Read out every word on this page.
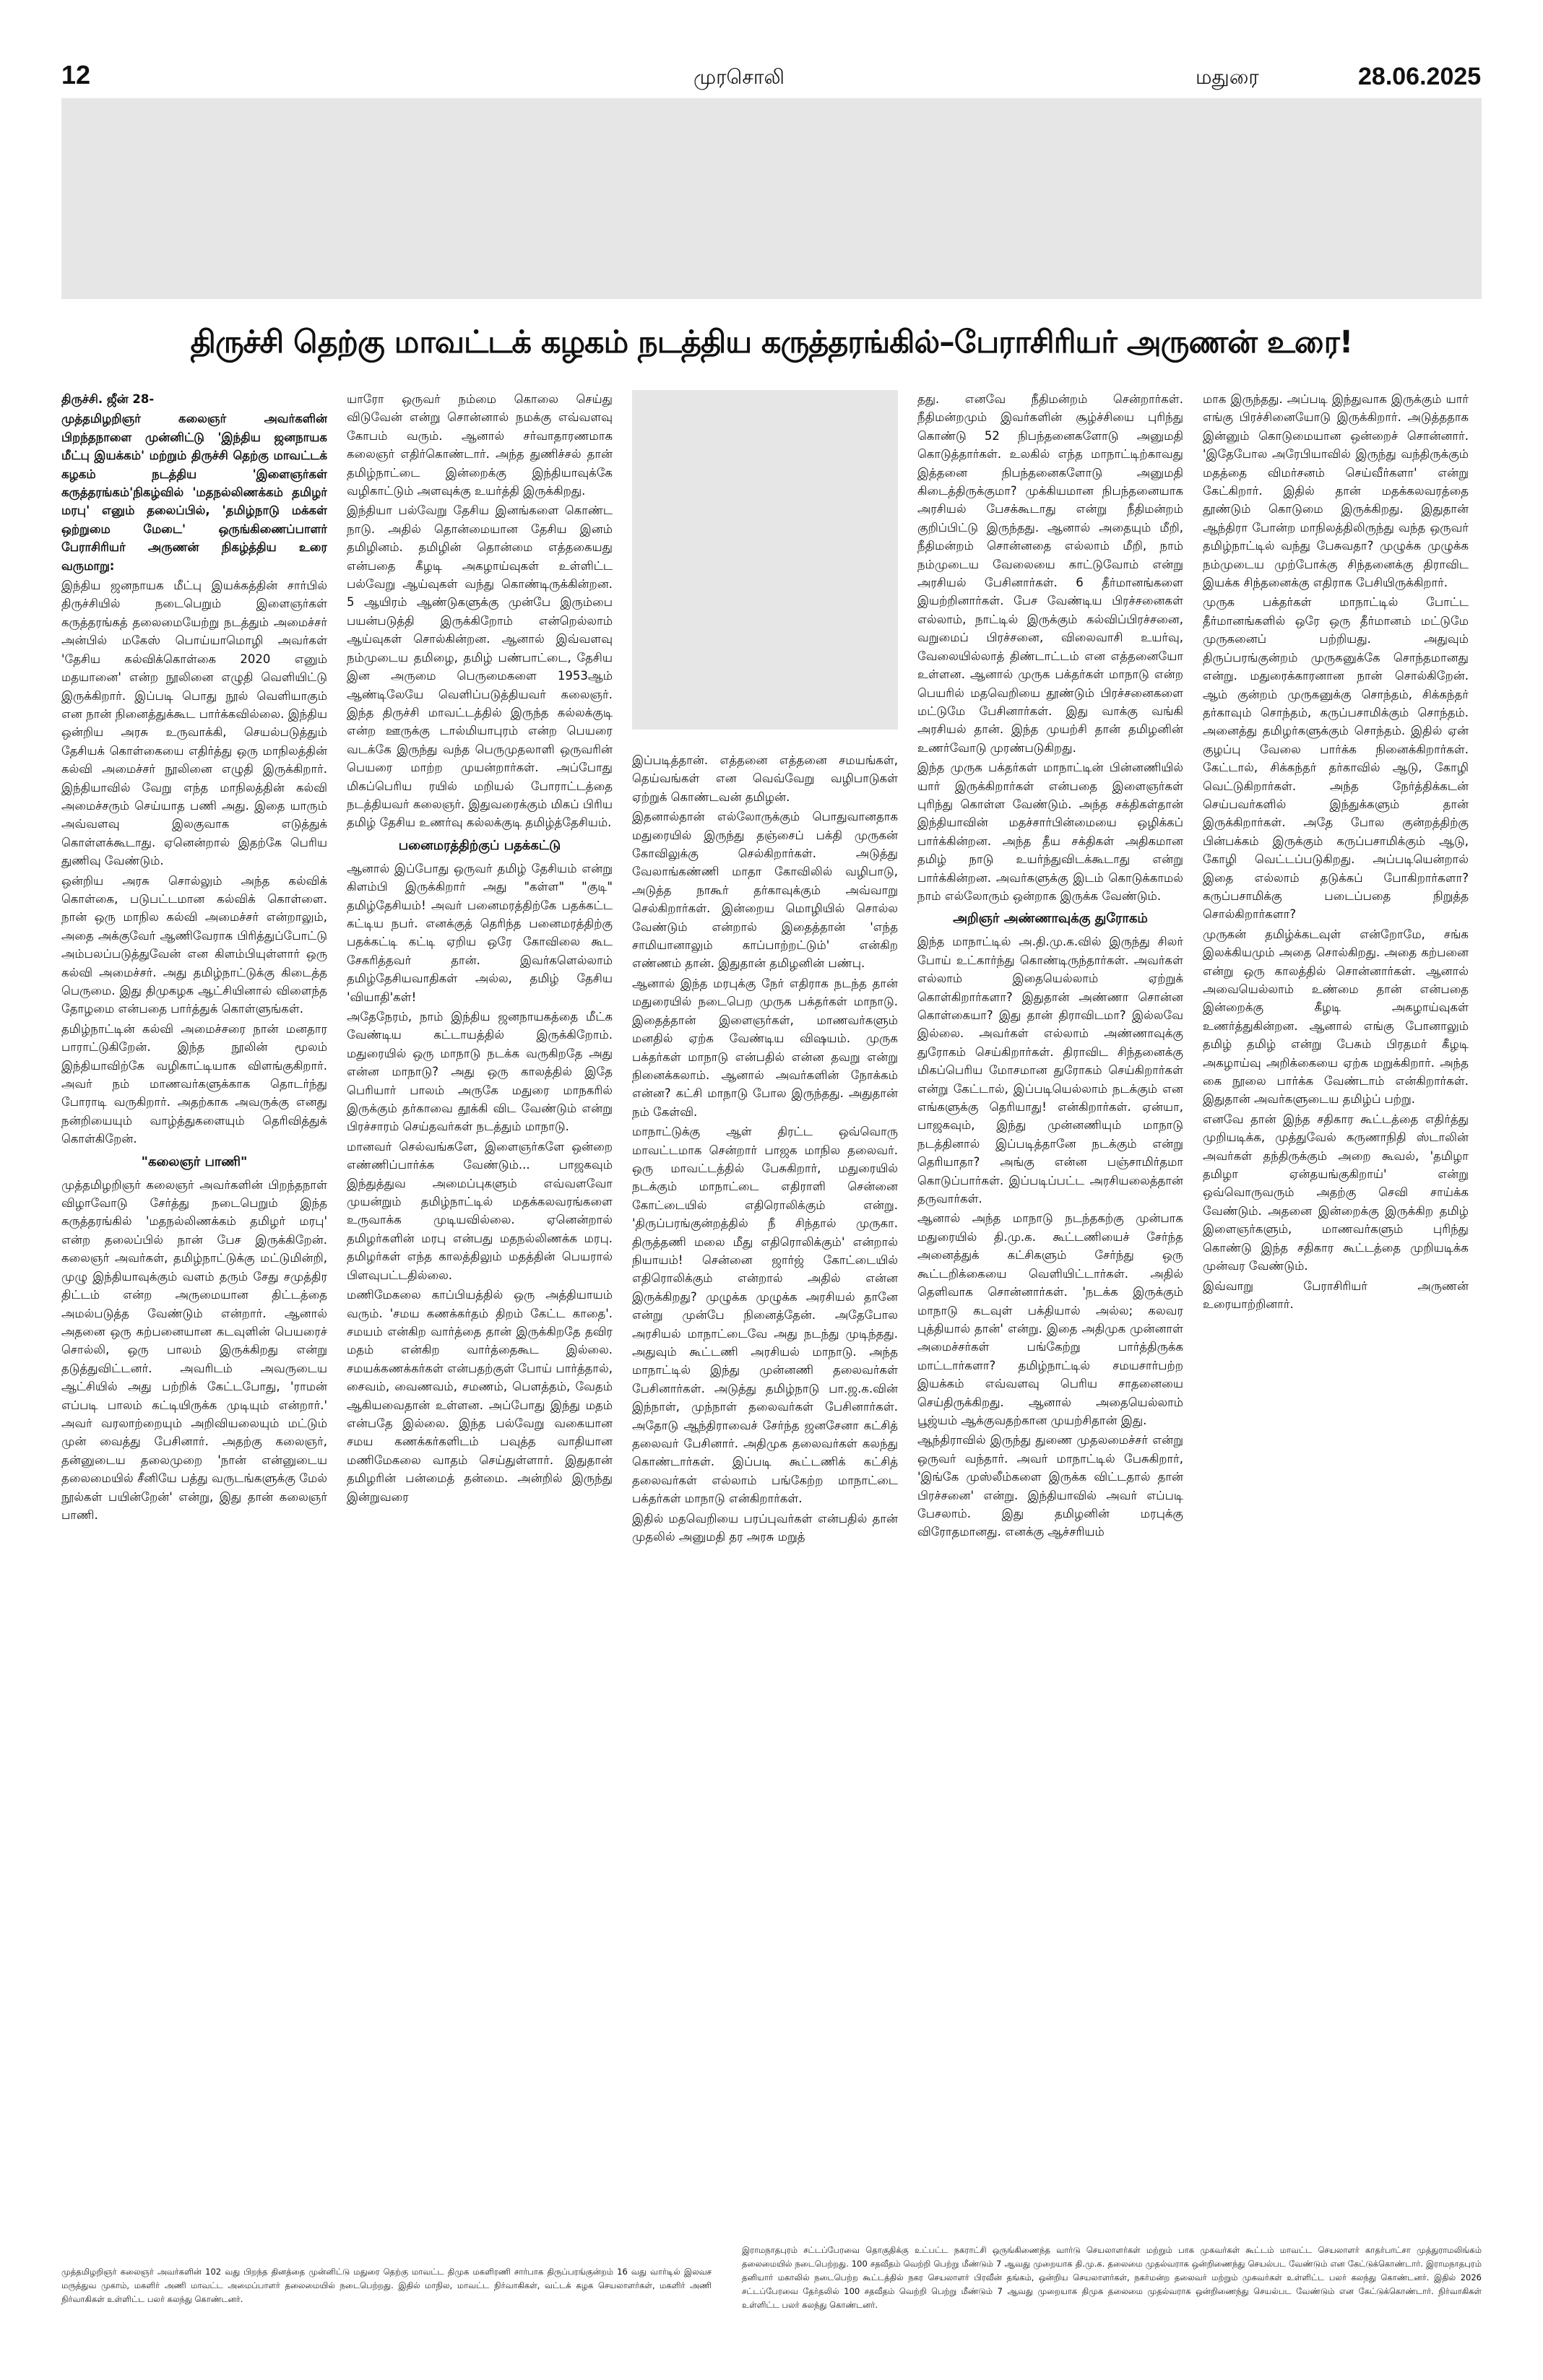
12	முரசொலி	மதுரை	28.06.2025
திருச்சி தெற்கு மாவட்டக் கழகம் நடத்திய கருத்தரங்கில்–பேராசிரியர் அருணன் உரை!

திருச்சி. ஜீன் 28-

முத்தமிழறிஞர் கலைஞர் அவர்களின் பிறந்தநாளை முன்னிட்டு 'இந்திய ஜனநாயக மீட்பு இயக்கம்' மற்றும் திருச்சி தெற்கு மாவட்டக் கழகம் நடத்திய 'இளைஞர்கள் கருத்தரங்கம்'நிகழ்வில் 'மதநல்லிணக்கம் தமிழர் மரபு' எனும் தலைப்பில், 'தமிழ்நாடு மக்கள் ஒற்றுமை மேடை' ஒருங்கிணைப்பாளர் பேராசிரியர் அருணன் நிகழ்த்திய உரை வருமாறு:

இந்திய ஜனநாயக மீட்பு இயக்கத்தின் சார்பில் திருச்சியில் நடைபெறும் இளைஞர்கள் கருத்தரங்கத் தலைமையேற்று நடத்தும் அமைச்சர் அன்பில் மகேஸ் பொய்யாமொழி அவர்கள் 'தேசிய கல்விக்கொள்கை 2020 எனும் மதயானை' என்ற நூலினை எழுதி வெளியிட்டு இருக்கிறார். இப்படி பொது நூல் வெளியாகும் என நான் நினைத்துக்கூட பார்க்கவில்லை. இந்திய ஒன்றிய அரசு உருவாக்கி, செயல்படுத்தும் தேசியக் கொள்கையை எதிர்த்து ஒரு மாநிலத்தின் கல்வி அமைச்சர் நூலினை எழுதி இருக்கிறார். இந்தியாவில் வேறு எந்த மாநிலத்தின் கல்வி அமைச்சரும் செய்யாத பணி அது. இதை யாரும் அவ்வளவு இலகுவாக எடுத்துக் கொள்ளக்கூடாது. ஏனென்றால் இதற்கே பெரிய துணிவு வேண்டும்.

ஒன்றிய அரசு சொல்லும் அந்த கல்விக் கொள்கை, படுபட்டமான கல்விக் கொள்ளை. நான் ஒரு மாநில கல்வி அமைச்சர் என்றாலும், அதை அக்குவேர் ஆணிவேராக பிரித்துப்போட்டு அம்பலப்படுத்துவேன் என கிளம்பியுள்ளார் ஒரு கல்வி அமைச்சர். அது தமிழ்நாட்டுக்கு கிடைத்த பெருமை. இது திமுகழக ஆட்சியினால் விளைந்த தோழமை என்பதை பார்த்துக் கொள்ளுங்கள்.

தமிழ்நாட்டின் கல்வி அமைச்சரை நான் மனதார பாராட்டுகிறேன். இந்த நூலின் மூலம் இந்தியாவிற்கே வழிகாட்டியாக விளங்குகிறார். அவர் நம் மாணவர்களுக்காக தொடர்ந்து போராடி வருகிறார். அதற்காக அவருக்கு எனது நன்றியையும் வாழ்த்துகளையும் தெரிவித்துக் கொள்கிறேன்.

"கலைஞர் பாணி"

முத்தமிழறிஞர் கலைஞர் அவர்களின் பிறந்தநாள் விழாவோடு சேர்த்து நடைபெறும் இந்த கருத்தரங்கில் 'மதநல்லிணக்கம் தமிழர் மரபு' என்ற தலைப்பில் நான் பேச இருக்கிறேன். கலைஞர் அவர்கள், தமிழ்நாட்டுக்கு மட்டுமின்றி, முழு இந்தியாவுக்கும் வளம் தரும் சேது சமுத்திர திட்டம் என்ற அருமையான திட்டத்தை அமல்படுத்த வேண்டும் என்றார். ஆனால் அதனை ஒரு கற்பனையான கடவுளின் பெயரைச் சொல்லி, ஒரு பாலம் இருக்கிறது என்று தடுத்துவிட்டனர். அவரிடம் அவருடைய ஆட்சியில் அது பற்றிக் கேட்டபோது, 'ராமன் எப்படி பாலம் கட்டியிருக்க முடியும் என்றார்.' அவர் வரலாற்றையும் அறிவியலையும் மட்டும் முன் வைத்து பேசினார். அதற்கு கலைஞர், தன்னுடைய தலைமுறை 'நான் என்னுடைய தலைமையில் சீனியே பத்து வருடங்களுக்கு மேல் நூல்கள் பயின்றேன்' என்று, இது தான் கலைஞர் பாணி.

யாரோ ஒருவர் நம்மை கொலை செய்து விடுவேன் என்று சொன்னால் நமக்கு எவ்வளவு கோபம் வரும். ஆனால் சர்வாதாரணமாக கலைஞர் எதிர்கொண்டார். அந்த துணிச்சல் தான் தமிழ்நாட்டை இன்றைக்கு இந்தியாவுக்கே வழிகாட்டும் அளவுக்கு உயர்த்தி இருக்கிறது.

இந்தியா பல்வேறு தேசிய இனங்களை கொண்ட நாடு. அதில் தொன்மையான தேசிய இனம் தமிழினம். தமிழின் தொன்மை எத்தகையது என்பதை கீழடி அகழாய்வுகள் உள்ளிட்ட பல்வேறு ஆய்வுகள் வந்து கொண்டிருக்கின்றன. 5 ஆயிரம் ஆண்டுகளுக்கு முன்பே இரும்பை பயன்படுத்தி இருக்கிறோம் என்றெல்லாம் ஆய்வுகள் சொல்கின்றன. ஆனால் இவ்வளவு நம்முடைய தமிழை, தமிழ் பண்பாட்டை, தேசிய இன அருமை பெருமைகளை 1953ஆம் ஆண்டிலேயே வெளிப்படுத்தியவர் கலைஞர். இந்த திருச்சி மாவட்டத்தில் இருந்த கல்லக்குடி என்ற ஊருக்கு டால்மியாபுரம் என்ற பெயரை வடக்கே இருந்து வந்த பெருமுதலாளி ஒருவரின் பெயரை மாற்ற முயன்றார்கள். அப்போது மிகப்பெரிய ரயில் மறியல் போராட்டத்தை நடத்தியவர் கலைஞர். இதுவரைக்கும் மிகப் பிரிய தமிழ் தேசிய உணர்வு கல்லக்குடி தமிழ்த்தேசியம்.

பனைமரத்திற்குப் பதக்கட்டு

ஆனால் இப்போது ஒருவர் தமிழ் தேசியம் என்று கிளம்பி இருக்கிறார் அது "கள்ள" "குடி" தமிழ்தேசியம்! அவர் பனைமரத்திற்கே பதக்கட்ட கட்டிய நபர். எனக்குத் தெரிந்த பனைமரத்திற்கு பதக்கட்டி கட்டி ஏறிய ஒரே கோவிலை கூட சேகரித்தவர் தான். இவர்களெல்லாம் தமிழ்தேசியவாதிகள் அல்ல, தமிழ் தேசிய 'வியாதி'கள்!

அதேநேரம், நாம் இந்திய ஜனநாயகத்தை மீட்க வேண்டிய கட்டாயத்தில் இருக்கிறோம். மதுரையில் ஒரு மாநாடு நடக்க வருகிறதே அது என்ன மாநாடு? அது ஒரு காலத்தில் இதே பெரியார் பாலம் அருகே மதுரை மாநகரில் இருக்கும் தர்காவை தூக்கி விட வேண்டும் என்று பிரச்சாரம் செய்தவர்கள் நடத்தும் மாநாடு.

மானவர் செல்வங்களே, இளைஞர்களே ஒன்றை எண்ணிப்பார்க்க வேண்டும்... பாஜகவும் இந்துத்துவ அமைப்புகளும் எவ்வளவோ முயன்றும் தமிழ்நாட்டில் மதக்கலவரங்களை உருவாக்க முடியவில்லை. ஏனென்றால் தமிழர்களின் மரபு என்பது மதநல்லிணக்க மரபு. தமிழர்கள் எந்த காலத்திலும் மதத்தின் பெயரால் பிளவுபட்டதில்லை.

மணிமேகலை காப்பியத்தில் ஒரு அத்தியாயம் வரும். 'சமய கணக்கர்தம் திறம் கேட்ட காதை'. சமயம் என்கிற வார்த்தை தான் இருக்கிறதே தவிர மதம் என்கிற வார்த்தைகூட இல்லை. சமயக்கணக்கர்கள் என்பதற்குள் போய் பார்த்தால், சைவம், வைணவம், சமணம், பௌத்தம், வேதம் ஆகியவைதான் உள்ளன. அப்போது இந்து மதம் என்பதே இல்லை. இந்த பல்வேறு வகையான சமய கணக்கர்களிடம் பவுத்த வாதியான மணிமேகலை வாதம் செய்துள்ளார். இதுதான் தமிழரின் பன்மைத் தன்மை. அன்றில் இருந்து இன்றுவரை

இப்படித்தான். எத்தனை எத்தனை சமயங்கள், தெய்வங்கள் என வெவ்வேறு வழிபாடுகள் ஏற்றுக் கொண்டவன் தமிழன்.

இதனால்தான் எல்லோருக்கும் பொதுவானதாக மதுரையில் இருந்து தஞ்சைப் பக்தி முருகன் கோவிலுக்கு செல்கிறார்கள். அடுத்து வேலாங்கண்ணி மாதா கோவிலில் வழிபாடு, அடுத்த நாகூர் தர்காவுக்கும் அவ்வாறு செல்கிறார்கள். இன்றைய மொழியில் சொல்ல வேண்டும் என்றால் இதைத்தான் 'எந்த சாமியானாலும் காப்பாற்றட்டும்' என்கிற எண்ணம் தான். இதுதான் தமிழனின் பண்பு.

ஆனால் இந்த மரபுக்கு நேர் எதிராக நடந்த தான் மதுரையில் நடைபெற முருக பக்தர்கள் மாநாடு. இதைத்தான் இளைஞர்கள், மாணவர்களும் மனதில் ஏற்க வேண்டிய விஷயம். முருக பக்தர்கள் மாநாடு என்பதில் என்ன தவறு என்று நினைக்கலாம். ஆனால் அவர்களின் நோக்கம் என்ன? கட்சி மாநாடு போல இருந்தது. அதுதான் நம் கேள்வி.

மாநாட்டுக்கு ஆள் திரட்ட ஒவ்வொரு மாவட்டமாக சென்றார் பாஜக மாநில தலைவர். ஒரு மாவட்டத்தில் பேசுகிறார், மதுரையில் நடக்கும் மாநாட்டை எதிராளி சென்னை கோட்டையில் எதிரொலிக்கும் என்று. 'திருப்பரங்குன்றத்தில் நீ சிந்தால் முருகா. திருத்தணி மலை மீது எதிரொலிக்கும்' என்றால் நியாயம்! சென்னை ஜார்ஜ் கோட்டையில் எதிரொலிக்கும் என்றால் அதில் என்ன இருக்கிறது? முழுக்க முழுக்க அரசியல் தானே என்று முன்பே நினைத்தேன். அதேபோல அரசியல் மாநாட்டைவே அது நடந்து முடிந்தது. அதுவும் கூட்டணி அரசியல் மாநாடு. அந்த மாநாட்டில் இந்து முன்னணி தலைவர்கள் பேசினார்கள். அடுத்து தமிழ்நாடு பா.ஜ.க.வின் இந்நாள், முந்நாள் தலைவர்கள் பேசினார்கள். அதோடு ஆந்திராவைச் சேர்ந்த ஜனசேனா கட்சித் தலைவர் பேசினார். அதிமுக தலைவர்கள் கலந்து கொண்டார்கள். இப்படி கூட்டணிக் கட்சித் தலைவர்கள் எல்லாம் பங்கேற்ற மாநாட்டை பக்தர்கள் மாநாடு என்கிறார்கள்.

இதில் மதவெறியை பரப்புவர்கள் என்பதில் தான் முதலில் அனுமதி தர அரசு மறுத்

தது. எனவே நீதிமன்றம் சென்றார்கள். நீதிமன்றமும் இவர்களின் சூழ்ச்சியை புரிந்து கொண்டு 52 நிபந்தனைகளோடு அனுமதி கொடுத்தார்கள். உலகில் எந்த மாநாட்டிற்காவது இத்தனை நிபந்தனைகளோடு அனுமதி கிடைத்திருக்குமா? முக்கியமான நிபந்தனையாக அரசியல் பேசக்கூடாது என்று நீதிமன்றம் குறிப்பிட்டு இருந்தது. ஆனால் அதையும் மீறி, நீதிமன்றம் சொன்னதை எல்லாம் மீறி, நாம் நம்முடைய வேலையை காட்டுவோம் என்று அரசியல் பேசினார்கள். 6 தீர்மானங்களை இயற்றினார்கள். பேச வேண்டிய பிரச்சனைகள் எல்லாம், நாட்டில் இருக்கும் கல்விப்பிரச்சனை, வறுமைப் பிரச்சனை, விலைவாசி உயர்வு, வேலையில்லாத் திண்டாட்டம் என எத்தனையோ உள்ளன. ஆனால் முருக பக்தர்கள் மாநாடு என்ற பெயரில் மதவெறியை தூண்டும் பிரச்சனைகளை மட்டுமே பேசினார்கள். இது வாக்கு வங்கி அரசியல் தான். இந்த முயற்சி தான் தமிழனின் உணர்வோடு முரண்படுகிறது.

இந்த முருக பக்தர்கள் மாநாட்டின் பின்னணியில் யார் இருக்கிறார்கள் என்பதை இளைஞர்கள் புரிந்து கொள்ள வேண்டும். அந்த சக்திகள்தான் இந்தியாவின் மதச்சார்பின்மையை ஒழிக்கப் பார்க்கின்றன. அந்த தீய சக்திகள் அதிகமான தமிழ் நாடு உயர்ந்துவிடக்கூடாது என்று பார்க்கின்றன. அவர்களுக்கு இடம் கொடுக்காமல் நாம் எல்லோரும் ஒன்றாக இருக்க வேண்டும்.

அறிஞர் அண்ணாவுக்கு துரோகம்

இந்த மாநாட்டில் அ.தி.மு.க.வில் இருந்து சிலர் போய் உட்கார்ந்து கொண்டிருந்தார்கள். அவர்கள் எல்லாம் இதையெல்லாம் ஏற்றுக் கொள்கிறார்களா? இதுதான் அண்ணா சொன்ன கொள்கையா? இது தான் திராவிடமா? இல்லவே இல்லை. அவர்கள் எல்லாம் அண்ணாவுக்கு துரோகம் செய்கிறார்கள். திராவிட சிந்தனைக்கு மிகப்பெரிய மோசமான துரோகம் செய்கிறார்கள் என்று கேட்டால், இப்படியெல்லாம் நடக்கும் என எங்களுக்கு தெரியாது! என்கிறார்கள். ஏன்யா, பாஜகவும், இந்து முன்னணியும் மாநாடு நடத்தினால் இப்படித்தானே நடக்கும் என்று தெரியாதா? அங்கு என்ன பஞ்சாமிர்தமா கொடுப்பார்கள். இப்படிப்பட்ட அரசியலைத்தான் தருவார்கள்.

ஆனால் அந்த மாநாடு நடந்தகற்கு முன்பாக மதுரையில் தி.மு.க. கூட்டணியைச் சேர்ந்த அனைத்துக் கட்சிகளும் சேர்ந்து ஒரு கூட்டறிக்கையை வெளியிட்டார்கள். அதில் தெளிவாக சொன்னார்கள். 'நடக்க இருக்கும் மாநாடு கடவுள் பக்தியால் அல்ல; கலவர புத்தியால் தான்' என்று. இதை அதிமுக முன்னாள் அமைச்சர்கள் பங்கேற்று பார்த்திருக்க மாட்டார்களா? தமிழ்நாட்டில் சமயசார்பற்ற இயக்கம் எவ்வளவு பெரிய சாதனையை செய்திருக்கிறது. ஆனால் அதையெல்லாம் பூஜ்யம் ஆக்குவதற்கான முயற்சிதான் இது.

ஆந்திராவில் இருந்து துணை முதலமைச்சர் என்று ஒருவர் வந்தார். அவர் மாநாட்டில் பேசுகிறார், 'இங்கே முஸ்லீம்களை இருக்க விட்டதால் தான் பிரச்சனை' என்று. இந்தியாவில் அவர் எப்படி பேசலாம். இது தமிழனின் மரபுக்கு விரோதமானது. எனக்கு ஆச்சரியம்

மாக இருந்தது. அப்படி இந்துவாக இருக்கும் யார் எங்கு பிரச்சினையோடு இருக்கிறார். அடுத்ததாக இன்னும் கொடுமையான ஒன்றைச் சொன்னார். 'இதேபோல அரேபியாவில் இருந்து வந்திருக்கும் மதத்தை விமர்சனம் செய்வீர்களா' என்று கேட்கிறார். இதில் தான் மதக்கலவரத்தை தூண்டும் கொடுமை இருக்கிறது. இதுதான் ஆந்திரா போன்ற மாநிலத்திலிருந்து வந்த ஒருவர் தமிழ்நாட்டில் வந்து பேசுவதா? முழுக்க முழுக்க நம்முடைய முற்போக்கு சிந்தனைக்கு திராவிட இயக்க சிந்தனைக்கு எதிராக பேசியிருக்கிறார்.

முருக பக்தர்கள் மாநாட்டில் போட்ட தீர்மானங்களில் ஒரே ஒரு தீர்மானம் மட்டுமே முருகனைப் பற்றியது. அதுவும் திருப்பரங்குன்றம் முருகனுக்கே சொந்தமானது என்று. மதுரைக்காரனான நான் சொல்கிறேன். ஆம் குன்றம் முருகனுக்கு சொந்தம், சிக்கந்தர் தர்காவும் சொந்தம், கருப்பசாமிக்கும் சொந்தம். அனைத்து தமிழர்களுக்கும் சொந்தம். இதில் ஏன் குழப்பு வேலை பார்க்க நினைக்கிறார்கள். கேட்டால், சிக்கந்தர் தர்காவில் ஆடு, கோழி வெட்டுகிறார்கள். அந்த நேர்த்திக்கடன் செய்பவர்களில் இந்துக்களும் தான் இருக்கிறார்கள். அதே போல குன்றத்திற்கு பின்பக்கம் இருக்கும் கருப்பசாமிக்கும் ஆடு, கோழி வெட்டப்படுகிறது. அப்படியென்றால் இதை எல்லாம் தடுக்கப் போகிறார்களா? கருப்பசாமிக்கு படைப்பதை நிறுத்த சொல்கிறார்களா?

முருகன் தமிழ்க்கடவுள் என்றோமே, சங்க இலக்கியமும் அதை சொல்கிறது. அதை கற்பனை என்று ஒரு காலத்தில் சொன்னார்கள். ஆனால் அவையெல்லாம் உண்மை தான் என்பதை இன்றைக்கு கீழடி அகழாய்வுகள் உணர்த்துகின்றன. ஆனால் எங்கு போனாலும் தமிழ் தமிழ் என்று பேசும் பிரதமர் கீழடி அகழாய்வு அறிக்கையை ஏற்க மறுக்கிறார். அந்த கை நூலை பார்க்க வேண்டாம் என்கிறார்கள். இதுதான் அவர்களுடைய தமிழ்ப் பற்று.

எனவே தான் இந்த சதிகார கூட்டத்தை எதிர்த்து முறியடிக்க, முத்துவேல் கருணாநிதி ஸ்டாலின் அவர்கள் தந்திருக்கும் அறை கூவல், 'தமிழா தமிழா ஏன்தயங்குகிறாய்' என்று ஒவ்வொருவரும் அதற்கு செவி சாய்க்க வேண்டும். அதனை இன்றைக்கு இருக்கிற தமிழ் இளைஞர்களும், மாணவர்களும் புரிந்து கொண்டு இந்த சதிகார கூட்டத்தை முறியடிக்க முன்வர வேண்டும்.

இவ்வாறு பேராசிரியர் அருணன் உரையாற்றினார்.

முத்தமிழறிஞர் கலைஞர் அவர்களின் 102 வது பிறந்த தினத்தை முன்னிட்டு மதுரை தெற்கு மாவட்ட திமுக மகளிரணி சார்பாக திருப்பரங்குன்றம் 16 வது வார்டில் இலவச மருத்துவ முகாம், மகளிர் அணி மாவட்ட அமைப்பாளர் தலைமையில் நடைபெற்றது. இதில் மாநில, மாவட்ட நிர்வாகிகள், வட்டக் கழக செயலாளர்கள், மகளிர் அணி நிர்வாகிகள் உள்ளிட்ட பலர் கலந்து கொண்டனர்.
இராமநாதபுரம் சட்டப்பேரவை தொகுதிக்கு உட்பட்ட நகராட்சி ஒருங்கிணைந்த வார்டு செயலாளர்கள் மற்றும் பாக முகவர்கள் கூட்டம் மாவட்ட செயலாளர் காதர்பாட்சா முத்துராமலிங்கம் தலைமையில் நடைபெற்றது. 100 சதவீதம் வெற்றி பெற்று மீண்டும் 7 ஆவது முறையாக தி.மு.க. தலைமை முதல்வராக ஒன்றிணைந்து செயல்பட வேண்டும் என கேட்டுக்கொண்டார். இராமநாதபுரம் தனியார் மகாலில் நடைபெற்ற கூட்டத்தில் நகர செயலாளர் பிரவீன் தங்கம், ஒன்றிய செயலாளர்கள், நகர்மன்ற தலைவர் மற்றும் முகவர்கள் உள்ளிட்ட பலர் கலந்து கொண்டனர். இதில் 2026 சட்டப்பேரவை தேர்தலில் 100 சதவீதம் வெற்றி பெற்று மீண்டும் 7 ஆவது முறையாக திமுக தலைமை முதல்வராக ஒன்றிணைந்து செயல்பட வேண்டும் என கேட்டுக்கொண்டார். நிர்வாகிகள் உள்ளிட்ட பலர் கலந்து கொண்டனர்.
